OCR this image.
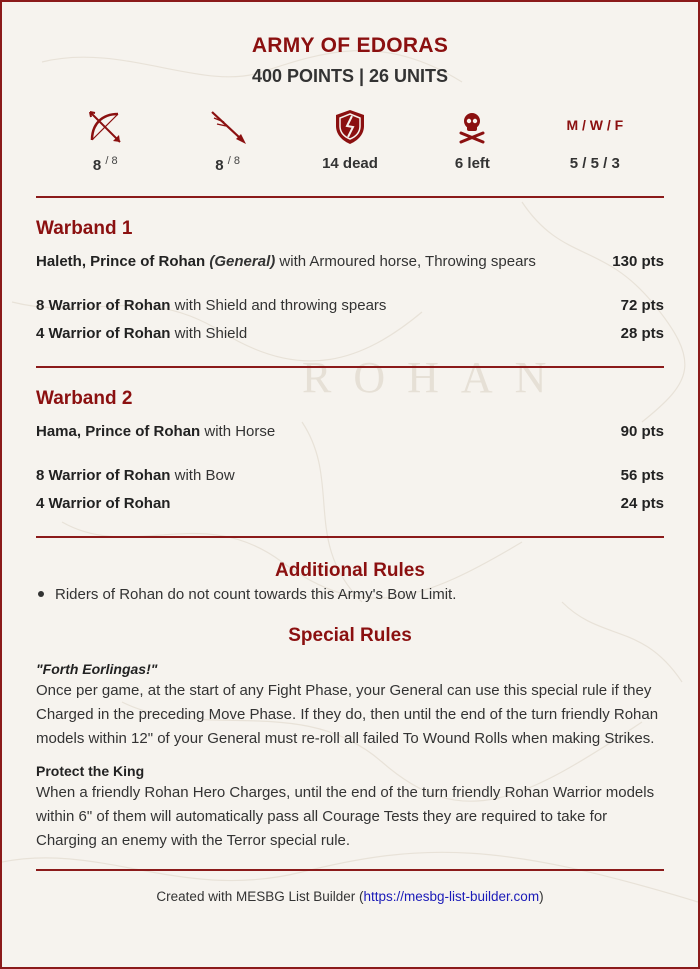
ROHAN
ARMY OF EDORAS
400 POINTS | 26 UNITS
8 $^{/ 8}$	8 $^{/ 8}$	14 dead	6 left
M / W / F
5 / 5 / 3
Warband 1
Haleth, Prince of Rohan (General) with Armoured horse, Throwing spears	130 pts
8 Warrior of Rohan with Shield and throwing spears	72 pts
4 Warrior of Rohan with Shield	28 pts
Warband 2
Hama, Prince of Rohan with Horse	90 pts
8 Warrior of Rohan with Bow	56 pts
4 Warrior of Rohan	24 pts
Additional Rules
Riders of Rohan do not count towards this Army's Bow Limit.
Special Rules
"Forth Eorlingas!"
Once per game, at the start of any Fight Phase, your General can use this special rule if they Charged in the preceding Move Phase. If they do, then until the end of the turn friendly Rohan models within 12" of your General must re-roll all failed To Wound Rolls when making Strikes.
Protect the King
When a friendly Rohan Hero Charges, until the end of the turn friendly Rohan Warrior models within 6" of them will automatically pass all Courage Tests they are required to take for Charging an enemy with the Terror special rule.
Created with MESBG List Builder (https://mesbg-list-builder.com)
